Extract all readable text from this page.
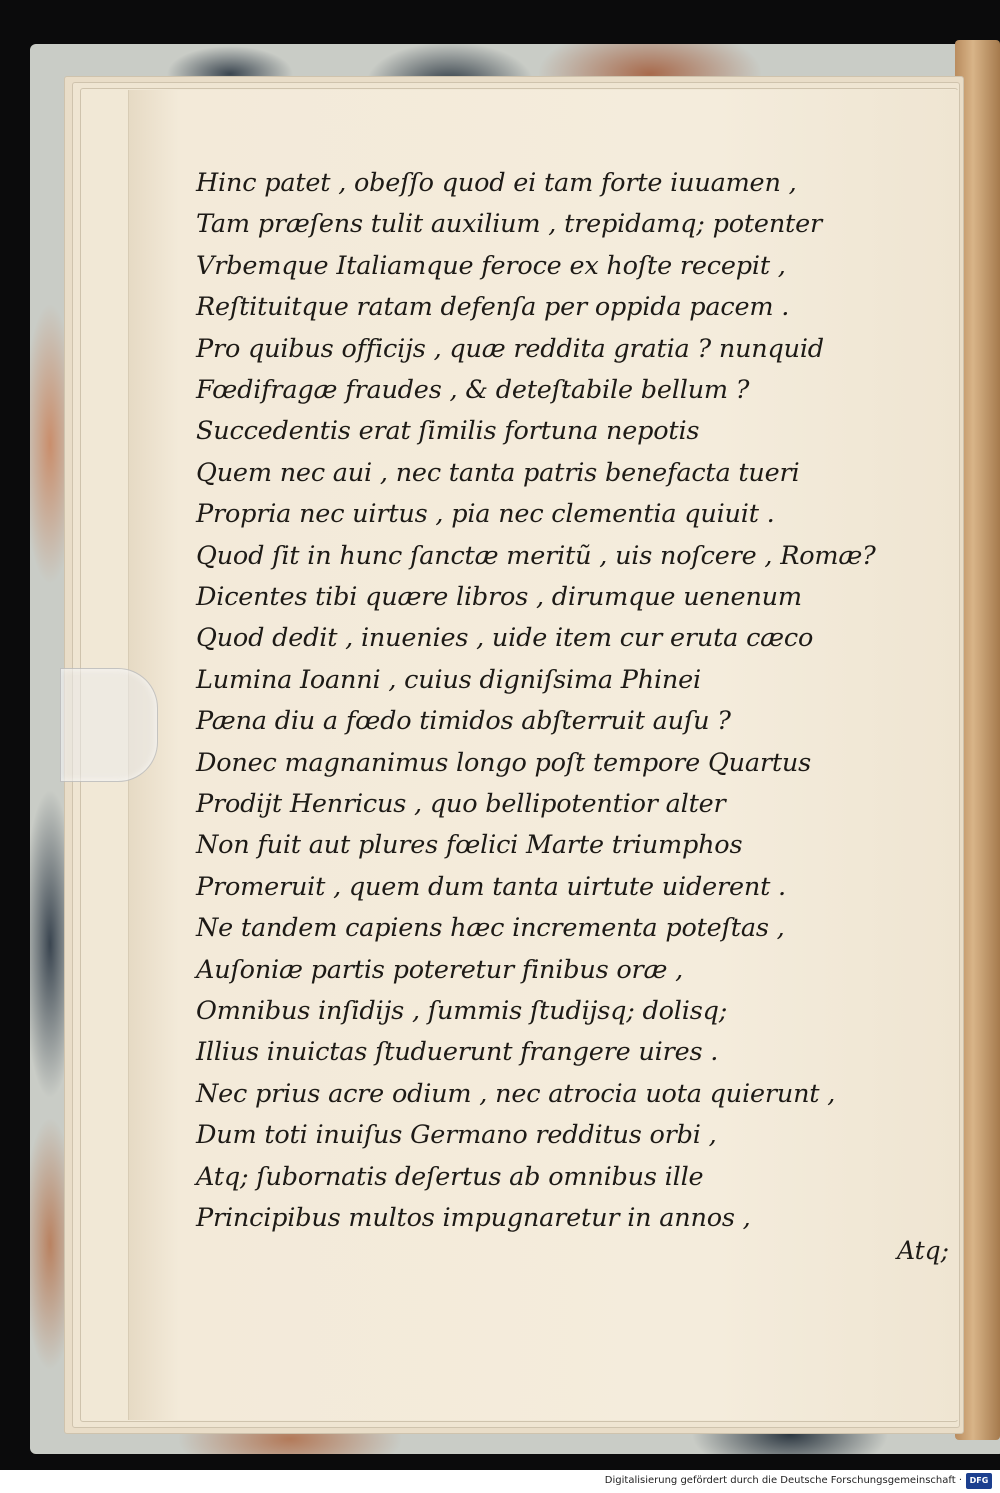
Hinc patet , obeſſo quod ei tam forte iuuamen ,
Tam præſens tulit auxilium , trepidamq; potenter
Vrbemque Italiamque feroce ex hoſte recepit ,
Reſtituitque ratam defenſa per oppida pacem .
Pro quibus officijs , quæ reddita gratia ? nunquid
Fœdifragæ fraudes , & deteſtabile bellum ?
Succedentis erat ſimilis fortuna nepotis
Quem nec aui , nec tanta patris benefacta tueri
Propria nec uirtus , pia nec clementia quiuit .
Quod ſit in hunc ſanctæ meritũ , uis noſcere , Romæ?
Dicentes tibi quære libros , dirumque uenenum
Quod dedit , inuenies , uide item cur eruta cæco
Lumina Ioanni , cuius digniſsima Phinei
Pæna diu a fœdo timidos abſterruit auſu ?
Donec magnanimus longo poſt tempore Quartus
Prodijt Henricus , quo bellipotentior alter
Non fuit aut plures fœlici Marte triumphos
Promeruit , quem dum tanta uirtute uiderent .
Ne tandem capiens hæc incrementa poteſtas ,
Auſoniæ partis poteretur finibus oræ ,
Omnibus inſidijs , ſummis ſtudijsq; dolisq;
Illius inuictas ſtuduerunt frangere uires .
Nec prius acre odium , nec atrocia uota quierunt ,
Dum toti inuiſus Germano redditus orbi ,
Atq; ſubornatis deſertus ab omnibus ille
Principibus multos impugnaretur in annos ,
Atq;
Digitalisierung gefördert durch die Deutsche Forschungsgemeinschaft · DFG
